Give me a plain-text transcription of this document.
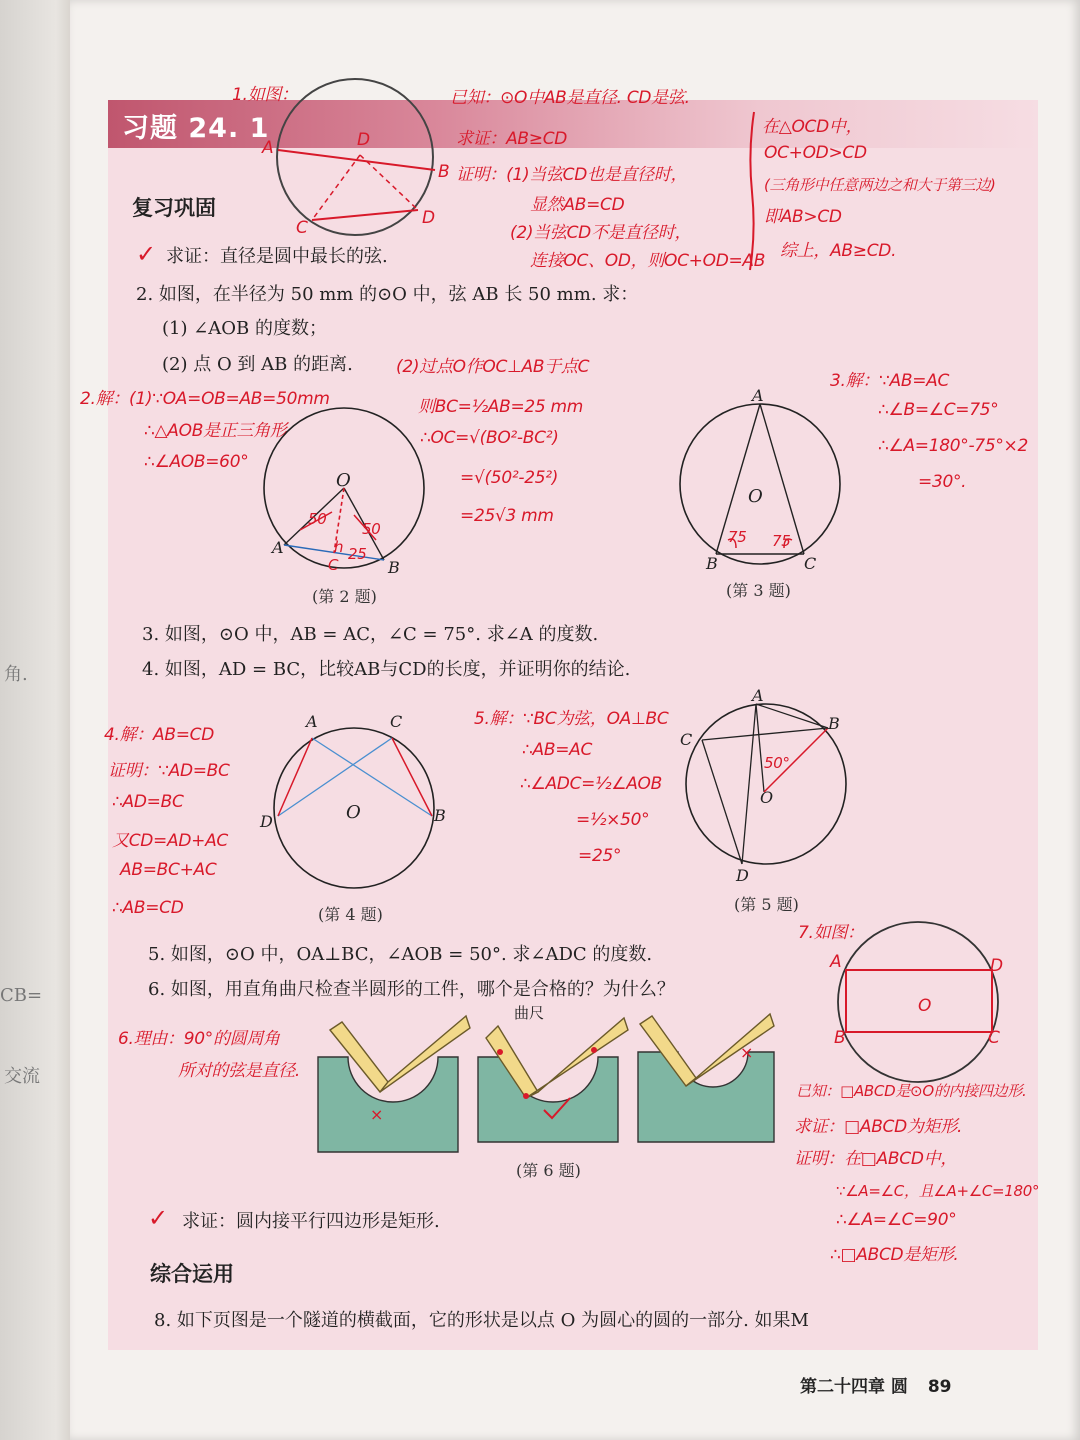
角.
CB=
交流
习题 24. 1
A	D
C
B
D
1.如图：	已知：⊙O中AB是直径. CD是弦.
求证：AB≥CD
证明：(1)当弦CD也是直径时，
显然AB=CD
(2)当弦CD不是直径时，
连接OC、OD，则OC+OD=AB
在△OCD中，
OC+OD>CD
(三角形中任意两边之和大于第三边)
即AB>CD
综上，AB≥CD.
复习巩固
✓ 求证：直径是圆中最长的弦.
2. 如图，在半径为 50 mm 的⊙O 中，弦 AB 长 50 mm. 求：
(1) ∠AOB 的度数；
(2) 点 O 到 AB 的距离.	(2)过点O作OC⊥AB于点C
2.解：(1)∵OA=OB=AB=50mm
∴△AOB是正三角形
∴∠AOB=60°
则BC=½AB=25 mm
∴OC=√(BO²-BC²)
=√(50²-25²)
=25√3 mm
O
A
B
50
50
C
h 25
(第 2 题)
A
O
B	C
75 75
(第 3 题)
3.解：∵AB=AC
∴∠B=∠C=75°
∴∠A=180°-75°×2
=30°.
3. 如图，⊙O 中，AB = AC，∠C = 75°. 求∠A 的度数.
4. 如图，AD = BC，比较AB与CD的长度，并证明你的结论.
4.解：AB=CD
证明：∵AD=BC
∴AD=BC
又CD=AD+AC
AB=BC+AC
∴AB=CD
A	C
D	B
O
(第 4 题)
5.解：∵BC为弦，OA⊥BC
∴AB=AC
∴∠ADC=½∠AOB
=½×50°
=25°
A
B
C
O
D
50°
(第 5 题)
5. 如图，⊙O 中，OA⊥BC，∠AOB = 50°. 求∠ADC 的度数.
6. 如图，用直角曲尺检查半圆形的工件，哪个是合格的？为什么？
7.如图：
A	D
B	C
O
已知：□ABCD是⊙O的内接四边形.
求证：□ABCD为矩形.
证明：在□ABCD中，
∵∠A=∠C，且∠A+∠C=180°
∴∠A=∠C=90°
∴□ABCD是矩形.
6.理由：90°的圆周角
所对的弦是直径.
×
曲尺
×
(第 6 题)
✓ 求证：圆内接平行四边形是矩形.
综合运用
8. 如下页图是一个隧道的横截面，它的形状是以点 O 为圆心的圆的一部分. 如果M
第二十四章 圆 89
